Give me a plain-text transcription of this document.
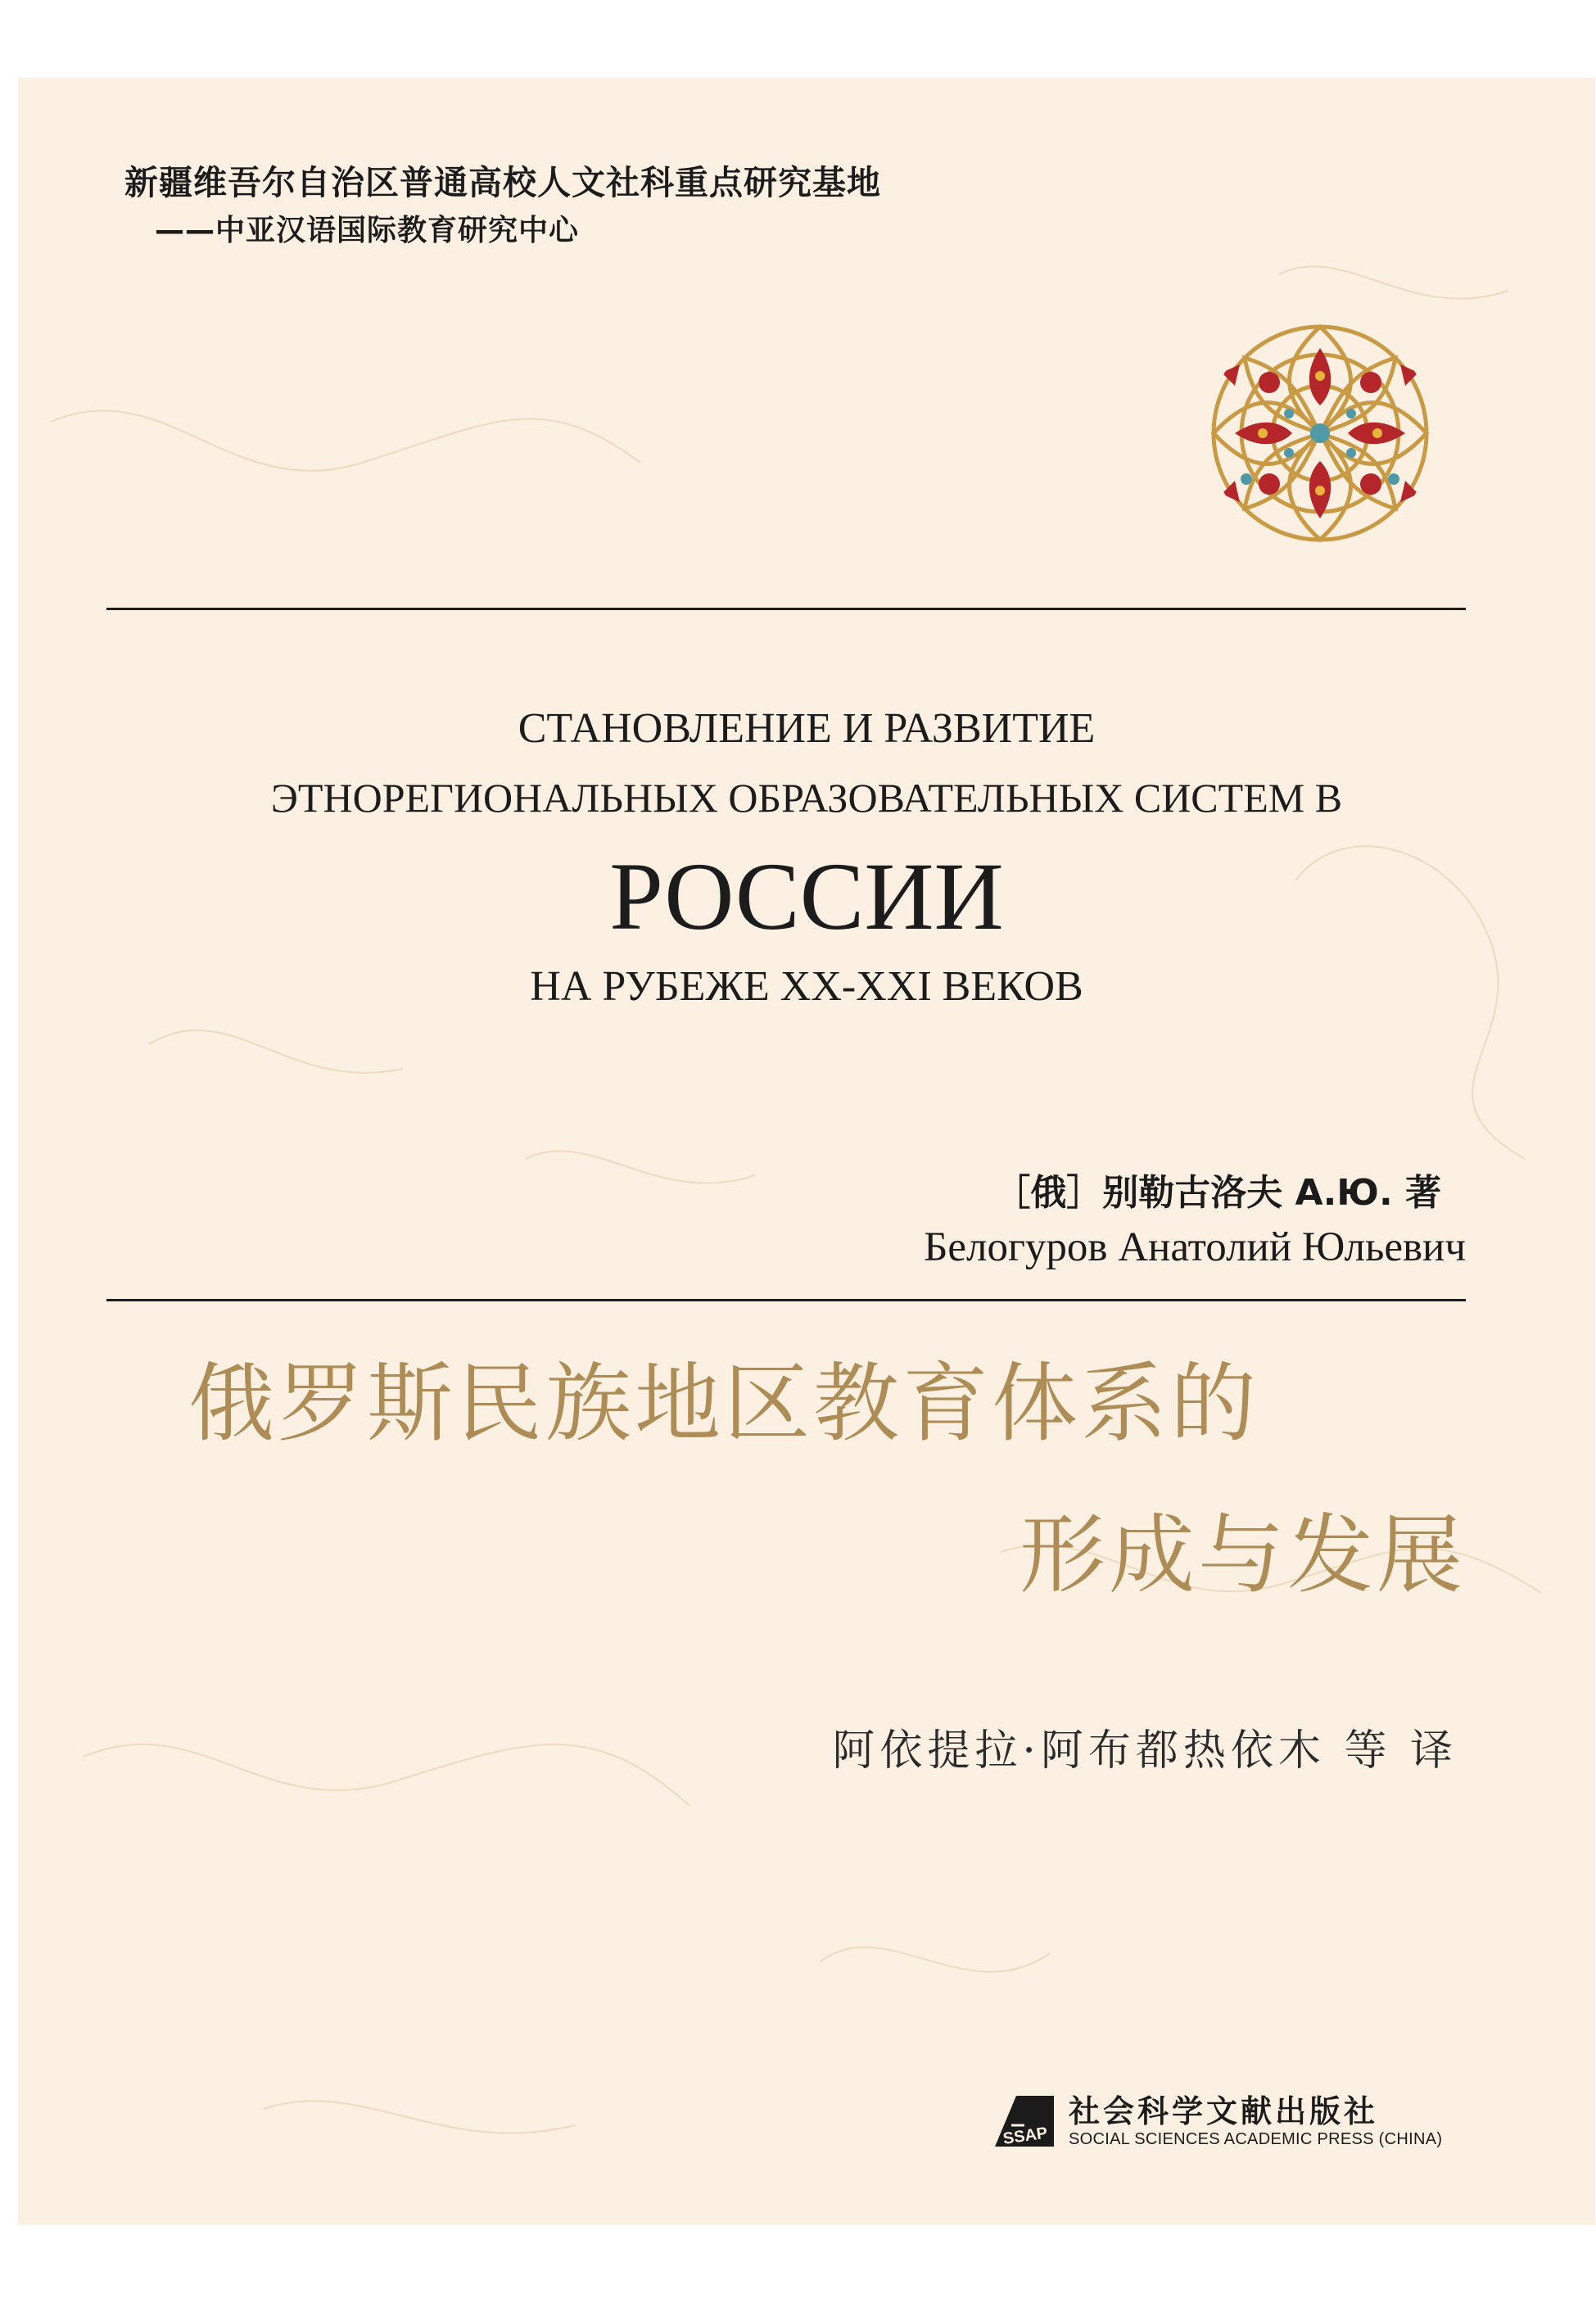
新疆维吾尔自治区普通高校人文社科重点研究基地

——中亚汉语国际教育研究中心

СТАНОВЛЕНИЕ И РАЗВИТИЕ

ЭТНОРЕГИОНАЛЬНЫХ ОБРАЗОВАТЕЛЬНЫХ СИСТЕМ В

РОССИИ

НА РУБЕЖЕ XX-XXI ВЕКОВ

［俄］别勒古洛夫 А.Ю. 著

Белогуров Анатолий Юльевич

俄罗斯民族地区教育体系的

形成与发展

阿依提拉·阿布都热依木 等 译

SSAP

社会科学文献出版社

SOCIAL SCIENCES ACADEMIC PRESS (CHINA)
